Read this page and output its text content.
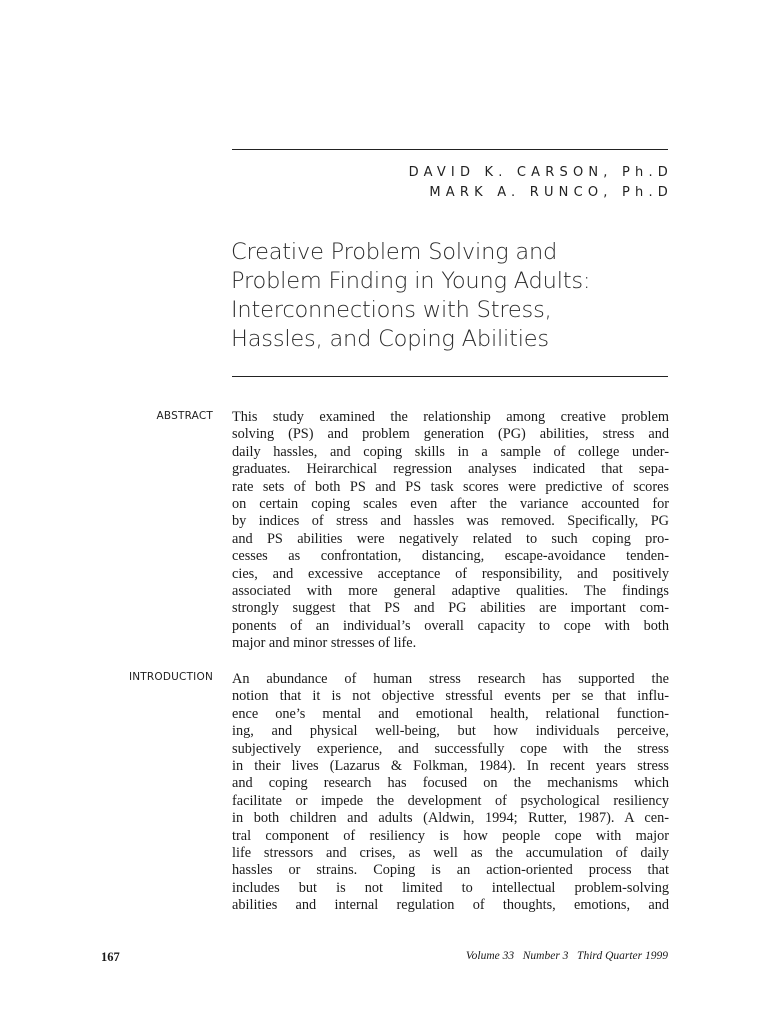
DAVID K. CARSON, Ph.D
MARK A. RUNCO, Ph.D
Creative Problem Solving and
Problem Finding in Young Adults:
Interconnections with Stress,
Hassles, and Coping Abilities
ABSTRACT This study examined the relationship among creative problem
solving (PS) and problem generation (PG) abilities, stress and
daily hassles, and coping skills in a sample of college under-
graduates. Heirarchical regression analyses indicated that sepa-
rate sets of both PS and PS task scores were predictive of scores
on certain coping scales even after the variance accounted for
by indices of stress and hassles was removed. Specifically, PG
and PS abilities were negatively related to such coping pro-
cesses as confrontation, distancing, escape-avoidance tenden-
cies, and excessive acceptance of responsibility, and positively
associated with more general adaptive qualities. The findings
strongly suggest that PS and PG abilities are important com-
ponents of an individual’s overall capacity to cope with both
major and minor stresses of life.
INTRODUCTION An abundance of human stress research has supported the
notion that it is not objective stressful events per se that influ-
ence one’s mental and emotional health, relational function-
ing, and physical well-being, but how individuals perceive,
subjectively experience, and successfully cope with the stress
in their lives (Lazarus & Folkman, 1984). In recent years stress
and coping research has focused on the mechanisms which
facilitate or impede the development of psychological resiliency
in both children and adults (Aldwin, 1994; Rutter, 1987). A cen-
tral component of resiliency is how people cope with major
life stressors and crises, as well as the accumulation of daily
hassles or strains. Coping is an action-oriented process that
includes but is not limited to intellectual problem-solving
abilities and internal regulation of thoughts, emotions, and
167	Volume 33   Number 3   Third Quarter 1999
